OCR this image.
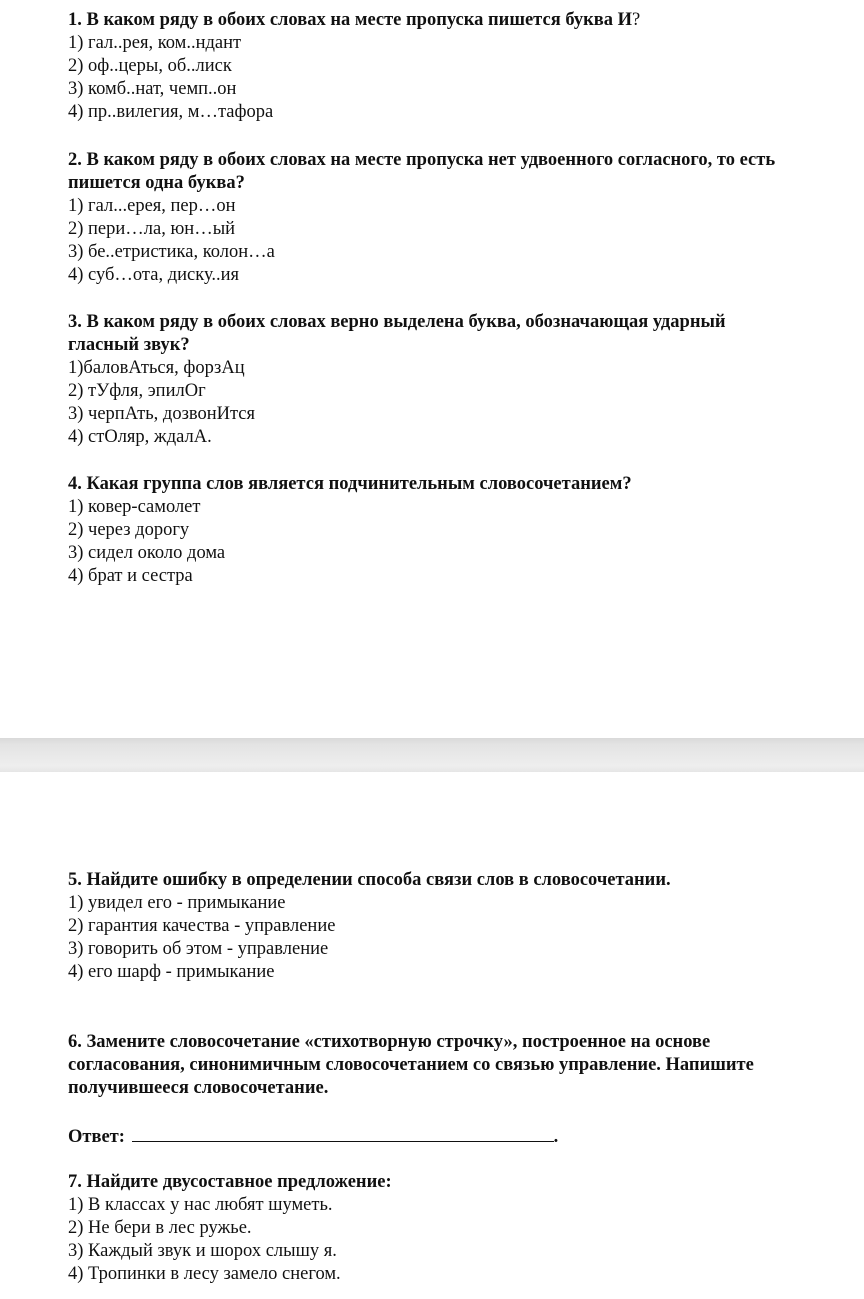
1. В каком ряду в обоих словах на месте пропуска пишется буква И?
1) гал..рея, ком..ндант
2) оф..церы, об..лиск
3) комб..нат, чемп..он
4) пр..вилегия, м…тафора
2. В каком ряду в обоих словах на месте пропуска нет удвоенного согласного, то есть
пишется одна буква?
1) гал...ерея, пер…он
2) пери…ла, юн…ый
3) бе..етристика, колон…а
4) суб…ота, диску..ия
3. В каком ряду в обоих словах верно выделена буква, обозначающая ударный
гласный звук?
1)баловАться, форзАц
2) тУфля, эпилОг
3) черпАть, дозвонИтся
4) стОляр, ждалА.
4. Какая группа слов является подчинительным словосочетанием?
1) ковер-самолет
2) через дорогу
3) сидел около дома
4) брат и сестра
5. Найдите ошибку в определении способа связи слов в словосочетании.
1) увидел его - примыкание
2) гарантия качества - управление
3) говорить об этом - управление
4) его шарф - примыкание
6. Замените словосочетание «стихотворную строчку», построенное на основе
согласования, синонимичным словосочетанием со связью управление. Напишите
получившееся словосочетание.
Ответ:	.
7. Найдите двусоставное предложение:
1) В классах у нас любят шуметь.
2) Не бери в лес ружье.
3) Каждый звук и шорох слышу я.
4) Тропинки в лесу замело снегом.
